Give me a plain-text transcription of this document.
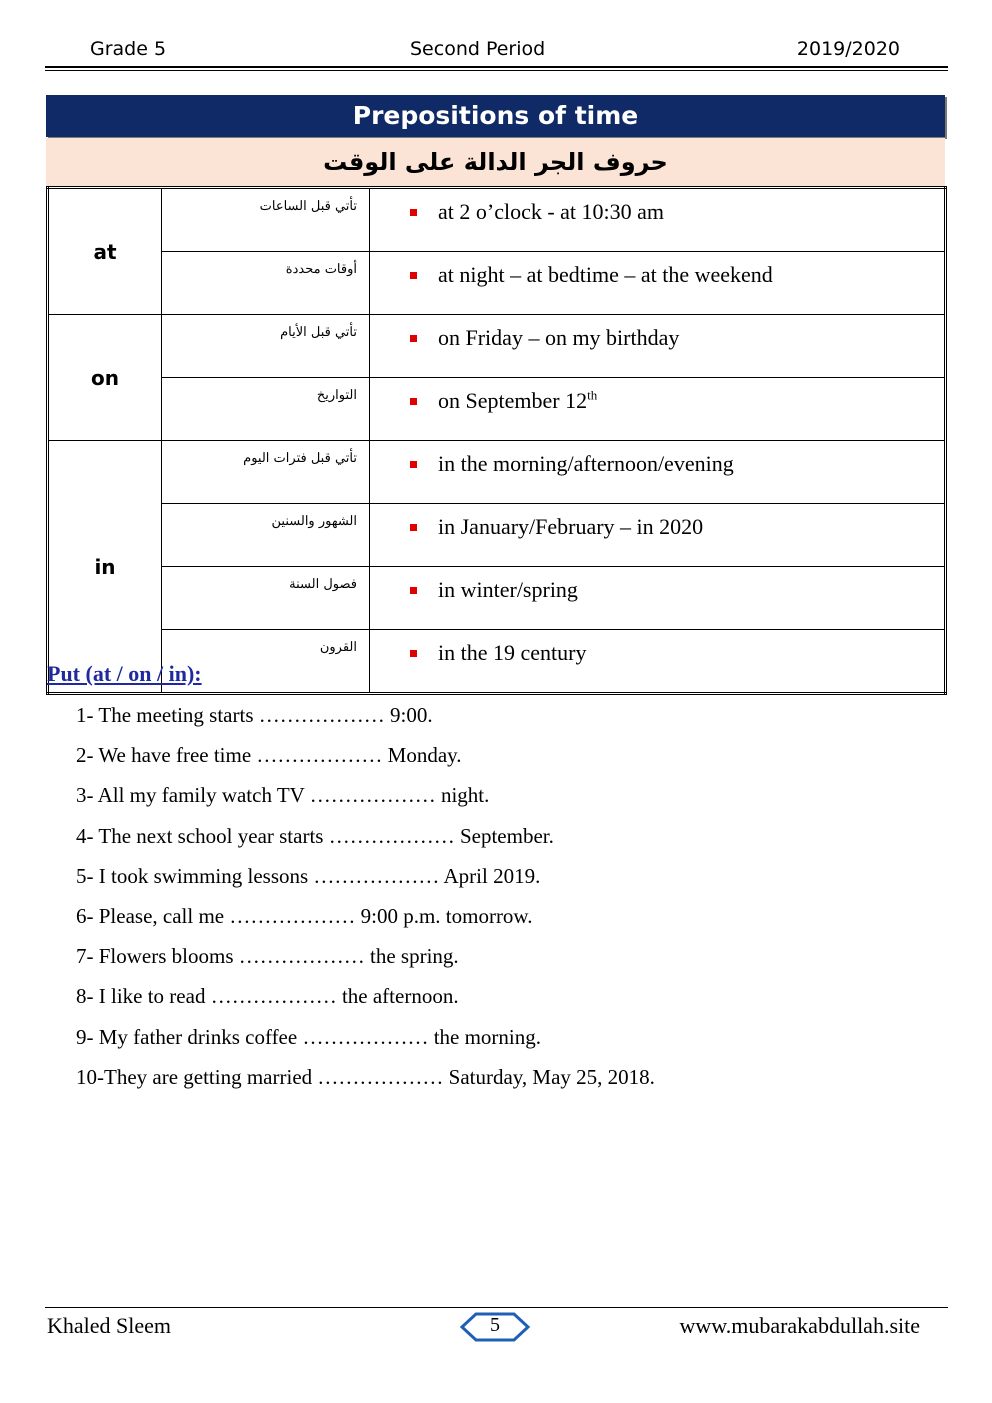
Grade 5	Second Period	2019/2020
Prepositions of time
حروف الجر الدالة على الوقت
at	تأتي قبل الساعات	at 2 o’clock - at 10:30 am
	أوقات محددة	at night – at bedtime – at the weekend
on	تأتي قبل الأيام	on Friday – on my birthday
	التواريخ	on September 12th
in	تأتي قبل فترات اليوم	in the morning/afternoon/evening
	الشهور والسنين	in January/February – in 2020
	فصول السنة	in winter/spring
	القرون	in the 19 century
Put (at / on / in):
1- The meeting starts ……………… 9:00.
2- We have free time ……………… Monday.
3- All my family watch TV ……………… night.
4- The next school year starts ……………… September.
5- I took swimming lessons ……………… April 2019.
6- Please, call me ……………… 9:00 p.m. tomorrow.
7- Flowers blooms ……………… the spring.
8- I like to read ……………… the afternoon.
9- My father drinks coffee ……………… the morning.
10-They are getting married ……………… Saturday, May 25, 2018.
Khaled Sleem	5	www.mubarakabdullah.site
